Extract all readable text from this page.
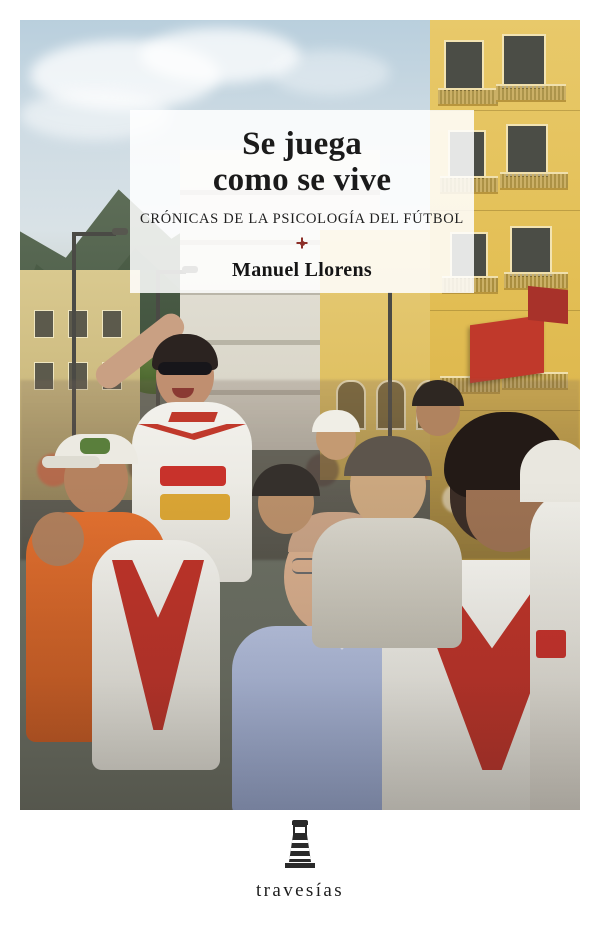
Se juega
como se vive
CRÓNICAS DE LA PSICOLOGÍA DEL FÚTBOL
Manuel Llorens
travesías
